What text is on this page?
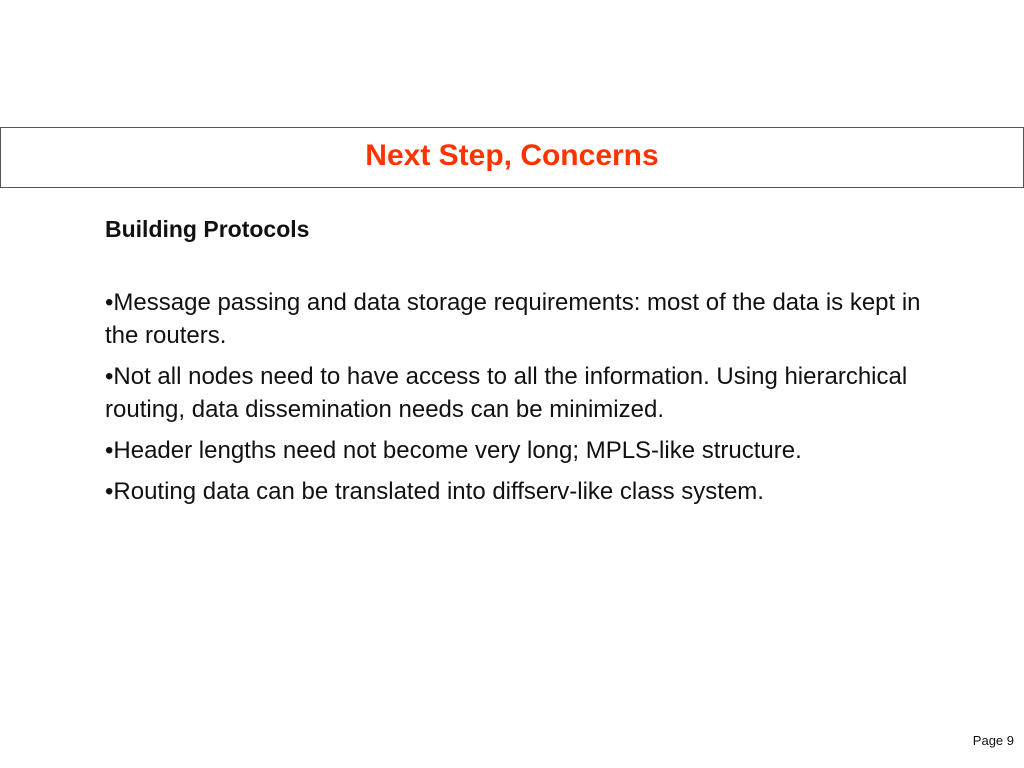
Next Step, Concerns
Building Protocols
•Message passing and data storage requirements: most of the data is kept in the routers.
•Not all nodes need to have access to all the information. Using hierarchical routing, data dissemination needs can be minimized.
•Header lengths need not become very long; MPLS-like structure.
•Routing data can be translated into diffserv-like class system.
Page 9
